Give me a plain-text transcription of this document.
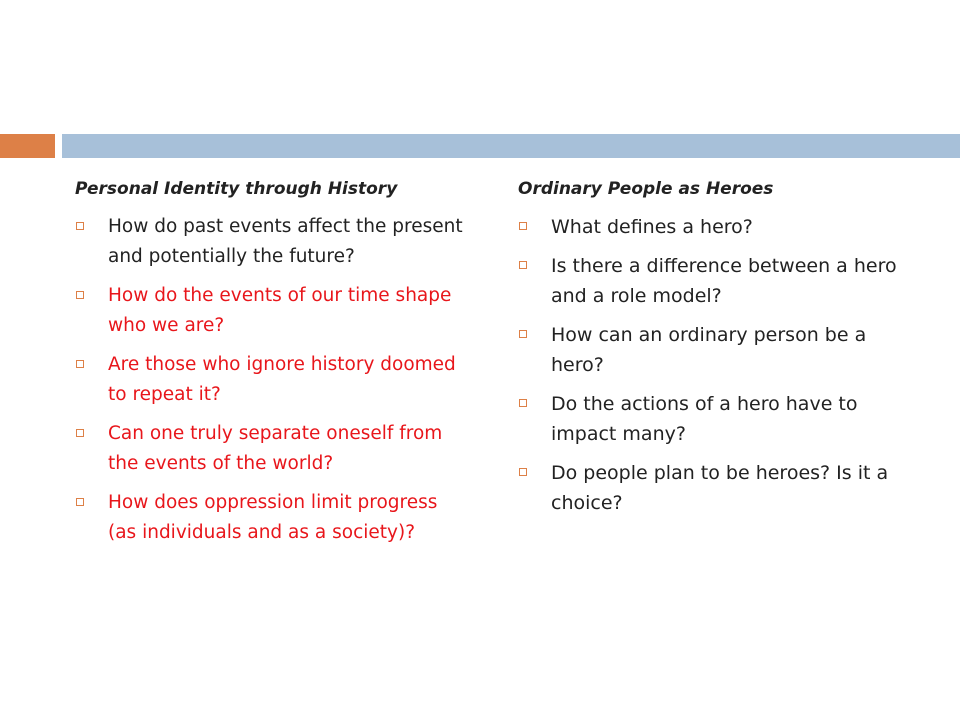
Personal Identity through History
How do past events affect the present and potentially the future?
How do the events of our time shape who we are?
Are those who ignore history doomed to repeat it?
Can one truly separate oneself from the events of the world?
How does oppression limit progress (as individuals and as a society)?
Ordinary People as Heroes
What defines a hero?
Is there a difference between a hero and a role model?
How can an ordinary person be a hero?
Do the actions of a hero have to impact many?
Do people plan to be heroes? Is it a choice?
